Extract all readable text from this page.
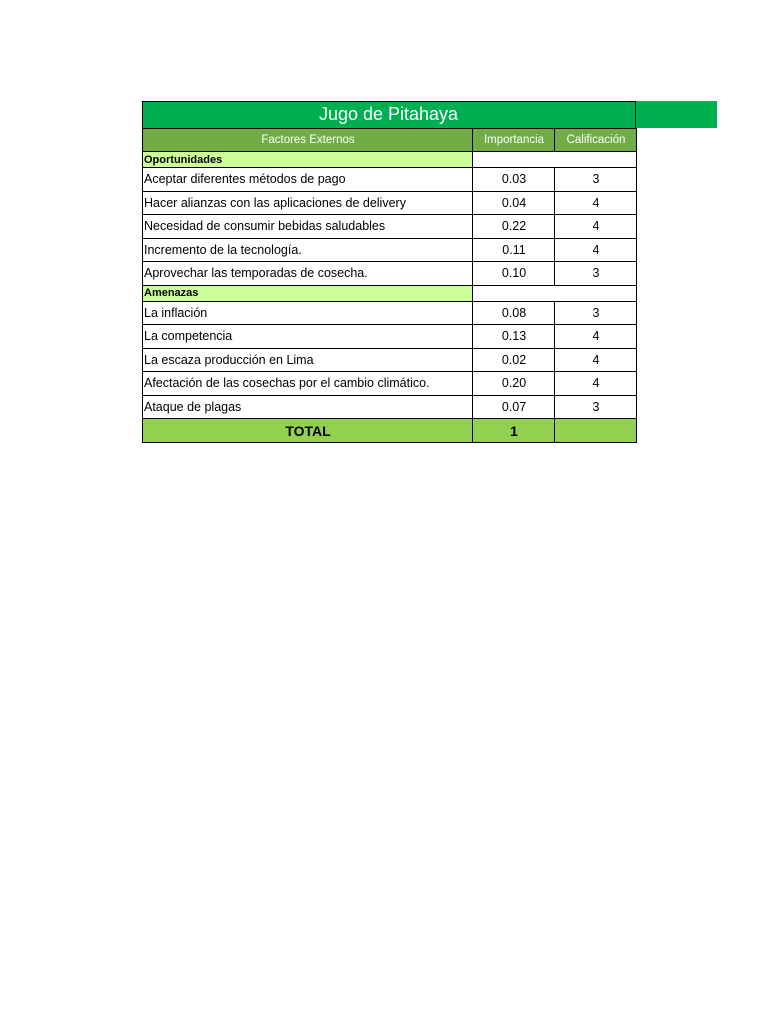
Jugo de Pitahaya
Factores Externos	Importancia	Calificación
Oportunidades		
Aceptar diferentes métodos de pago	0.03	3
Hacer alianzas con las aplicaciones de delivery	0.04	4
Necesidad de consumir bebidas saludables	0.22	4
Incremento de la tecnología.	0.11	4
Aprovechar las temporadas de cosecha.	0.10	3
Amenazas		
La inflación	0.08	3
La competencia	0.13	4
La escaza producción en Lima	0.02	4
Afectación de las cosechas por el cambio climático.	0.20	4
Ataque de plagas	0.07	3
TOTAL	1	
